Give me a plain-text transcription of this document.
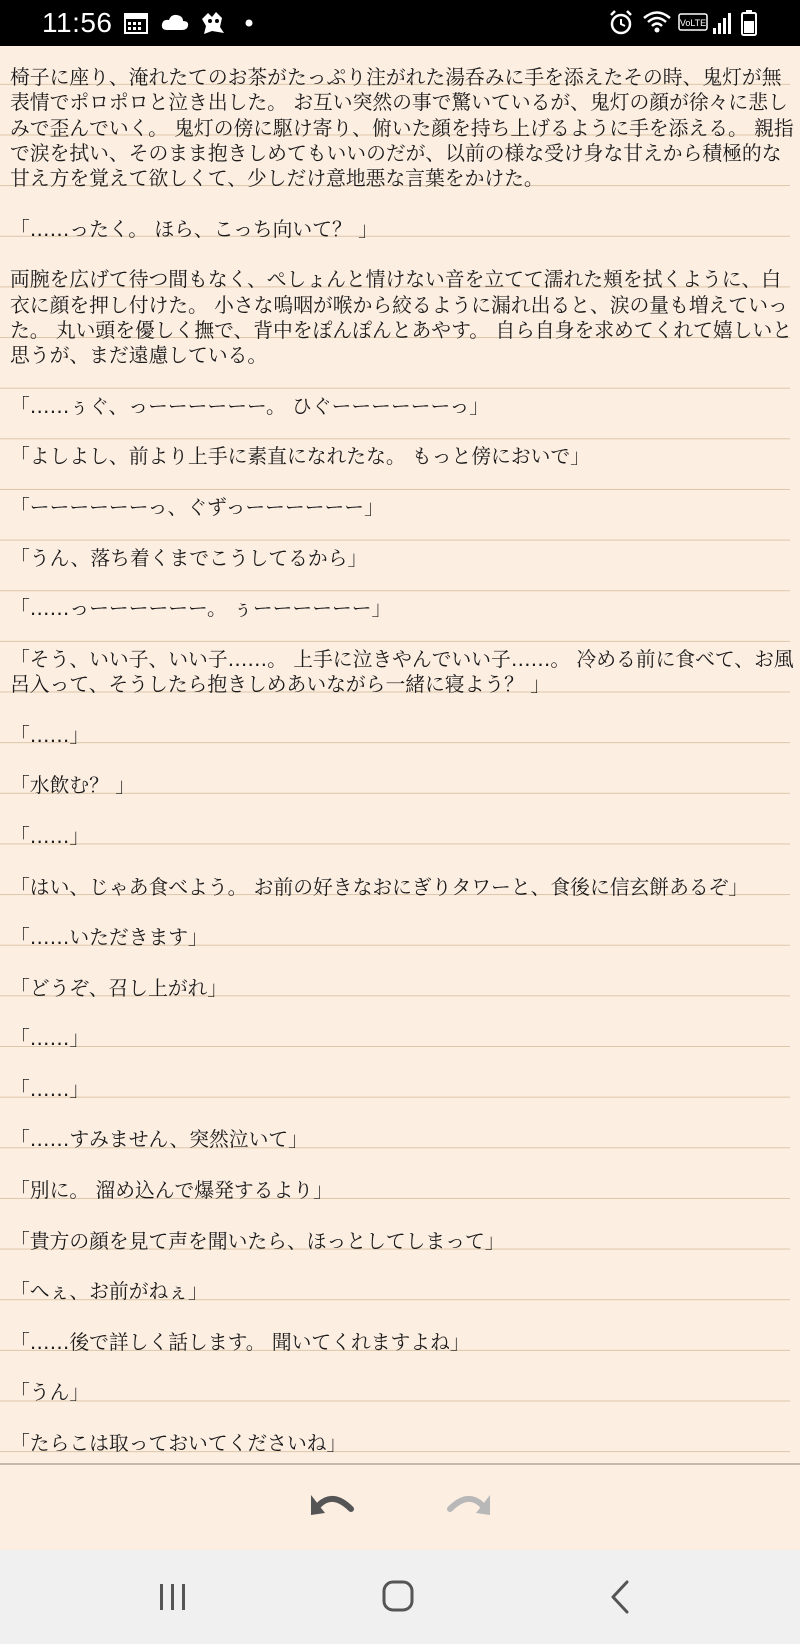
11:56	VoLTE

椅子に座り、淹れたてのお茶がたっぷり注がれた湯呑みに手を添えたその時、鬼灯が無表情でポロポロと泣き出した。 お互い突然の事で驚いているが、鬼灯の顔が徐々に悲しみで歪んでいく。 鬼灯の傍に駆け寄り、俯いた顔を持ち上げるように手を添える。 親指で涙を拭い、そのまま抱きしめてもいいのだが、以前の様な受け身な甘えから積極的な甘え方を覚えて欲しくて、少しだけ意地悪な言葉をかけた。

「……ったく。 ほら、こっち向いて？ 」

両腕を広げて待つ間もなく、ぺしょんと情けない音を立てて濡れた頬を拭くように、白衣に顔を押し付けた。 小さな嗚咽が喉から絞るように漏れ出ると、涙の量も増えていった。 丸い頭を優しく撫で、背中をぽんぽんとあやす。 自ら自身を求めてくれて嬉しいと思うが、まだ遠慮している。

「……ぅぐ、っーーーーーー。 ひぐーーーーーーっ」

「よしよし、前より上手に素直になれたな。 もっと傍においで」

「ーーーーーーっ、ぐずっーーーーーー」

「うん、落ち着くまでこうしてるから」

「……っーーーーーー。 ぅーーーーーー」

「そう、いい子、いい子……。 上手に泣きやんでいい子……。 冷める前に食べて、お風呂入って、そうしたら抱きしめあいながら一緒に寝よう？ 」

「……」

「水飲む？ 」

「……」

「はい、じゃあ食べよう。 お前の好きなおにぎりタワーと、食後に信玄餅あるぞ」

「……いただきます」

「どうぞ、召し上がれ」

「……」

「……」

「……すみません、突然泣いて」

「別に。 溜め込んで爆発するより」

「貴方の顔を見て声を聞いたら、ほっとしてしまって」

「へぇ、お前がねぇ」

「……後で詳しく話します。 聞いてくれますよね」

「うん」

「たらこは取っておいてくださいね」
